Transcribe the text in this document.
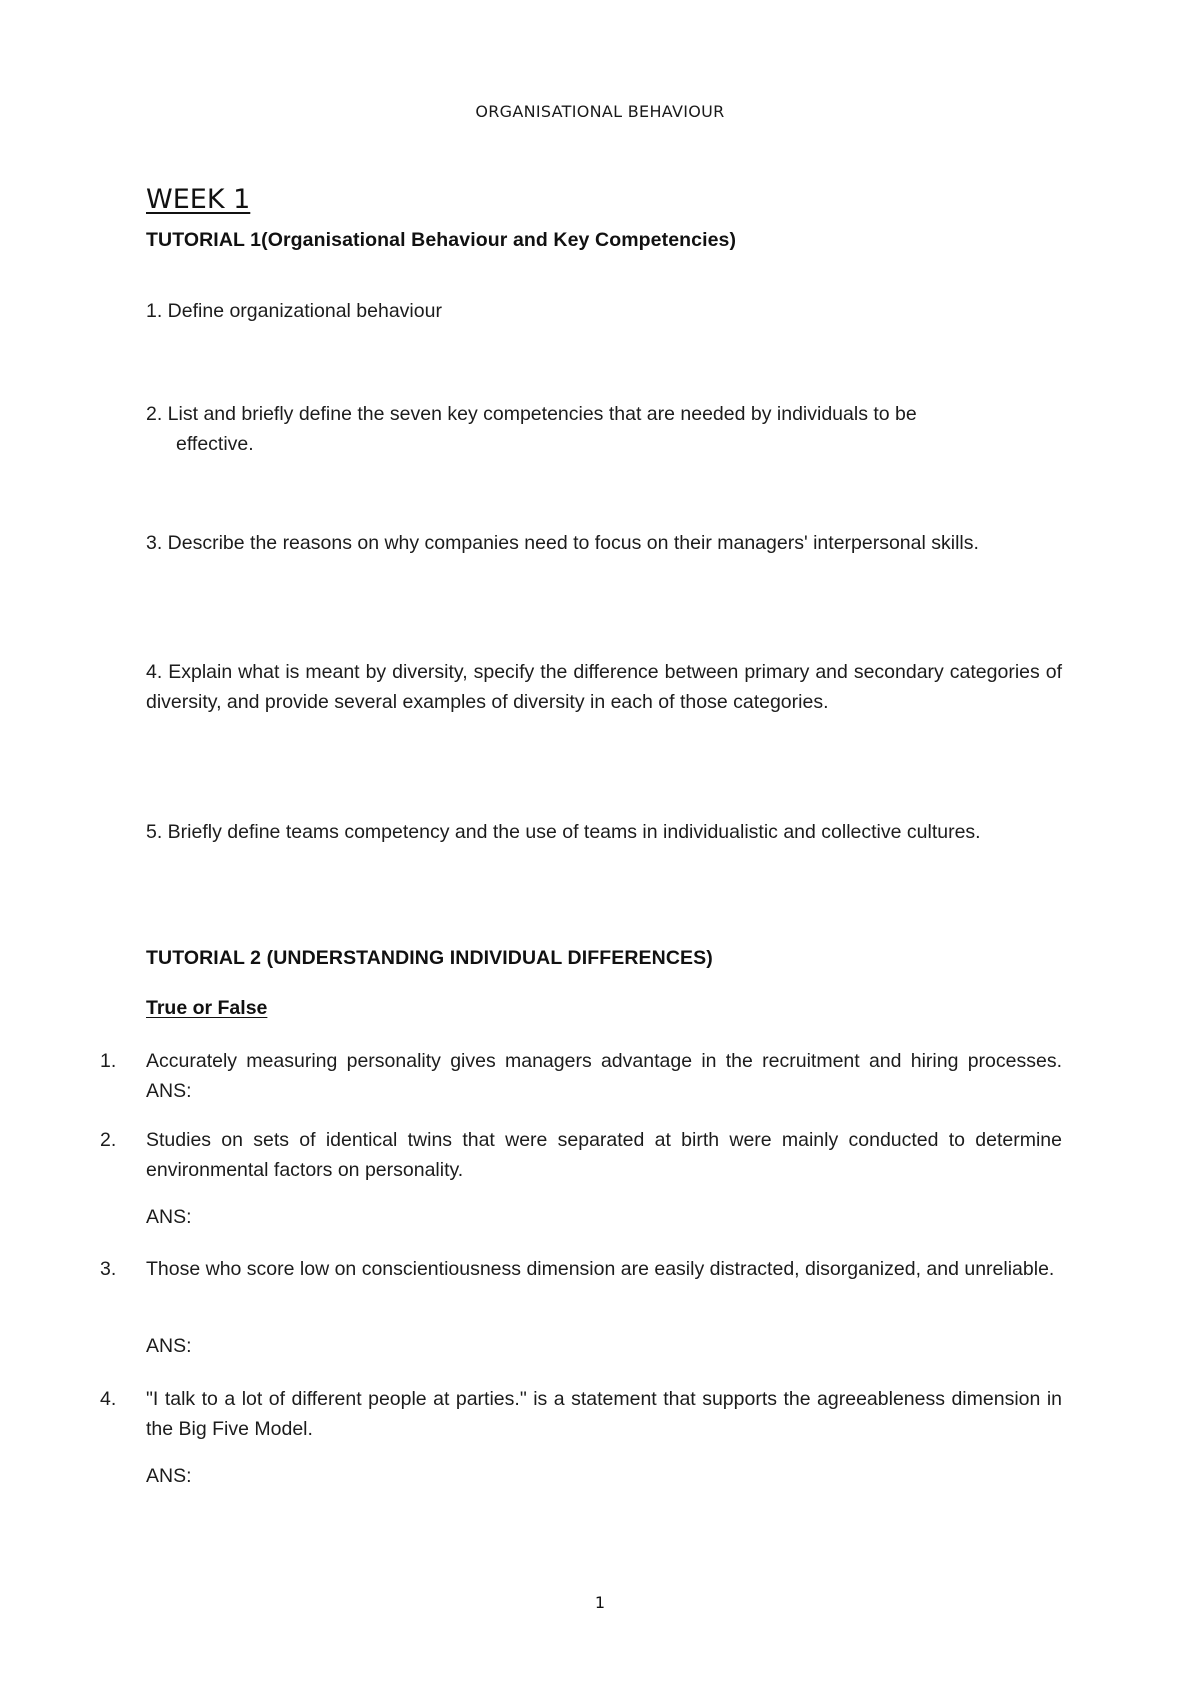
ORGANISATIONAL BEHAVIOUR
WEEK 1
TUTORIAL 1(Organisational Behaviour and Key Competencies)
1. Define organizational behaviour
2. List and briefly define the seven key competencies that are needed by individuals to be
effective.
3. Describe the reasons on why companies need to focus on their managers' interpersonal skills.
4. Explain what is meant by diversity, specify the difference between primary and secondary categories of diversity, and provide several examples of diversity in each of those categories.
5. Briefly define teams competency and the use of teams in individualistic and collective cultures.
TUTORIAL 2 (UNDERSTANDING INDIVIDUAL DIFFERENCES)
True or False
1.	Accurately measuring personality gives managers advantage in the recruitment and hiring processes. ANS:
2.	Studies on sets of identical twins that were separated at birth were mainly conducted to determine environmental factors on personality.
ANS:
3.	Those who score low on conscientiousness dimension are easily distracted, disorganized, and unreliable.
ANS:
4.	"I talk to a lot of different people at parties." is a statement that supports the agreeableness dimension in the Big Five Model.
ANS:
1
